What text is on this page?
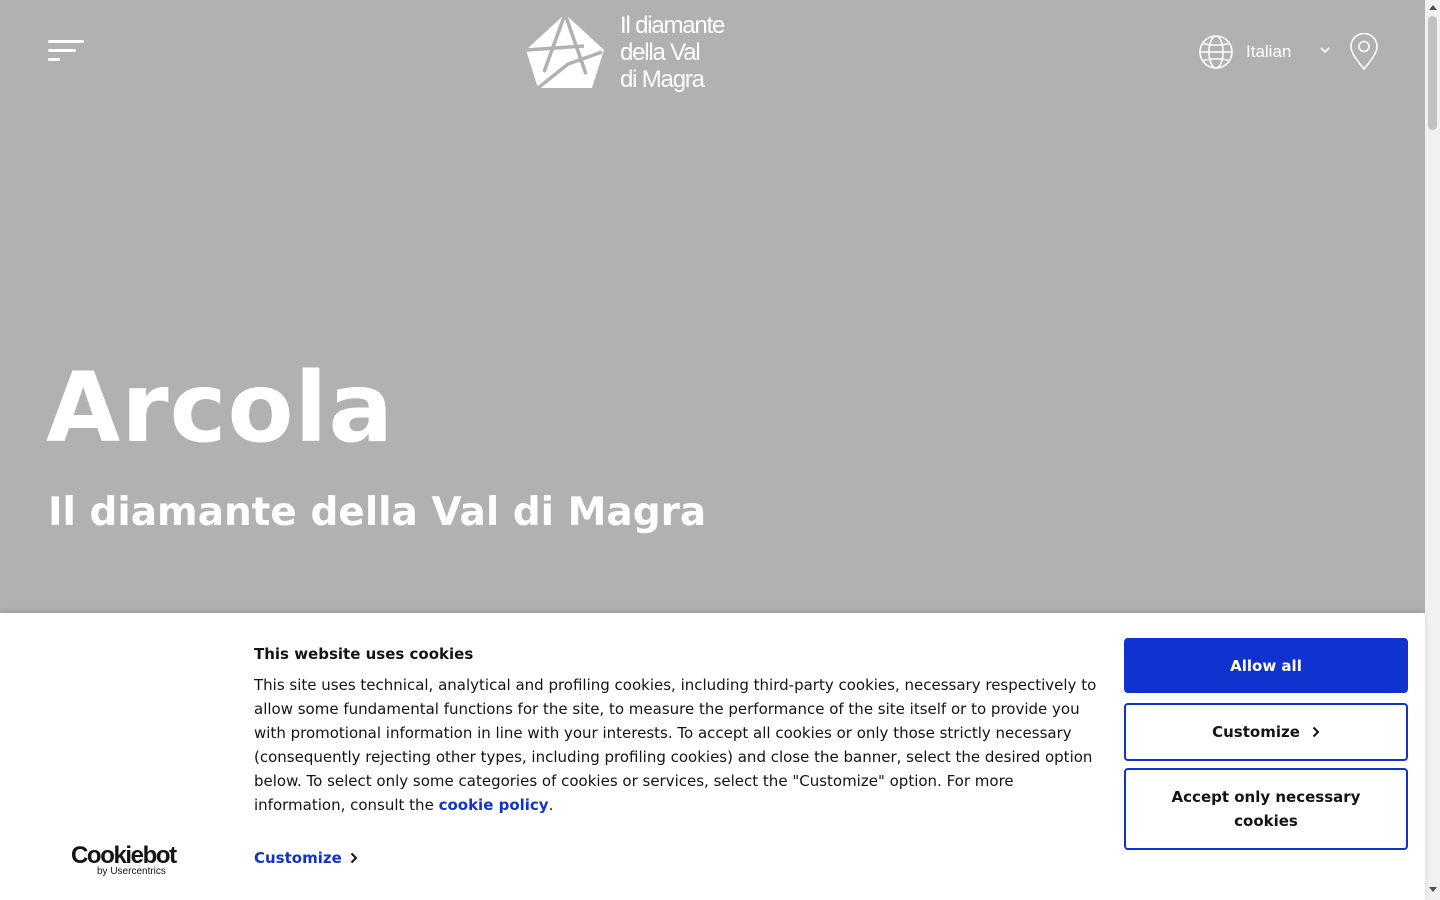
Il diamante
della Val
di Magra
Italian
Arcola
Il diamante della Val di Magra
Cookiebot
by Usercentrics
This website uses cookies

This site uses technical, analytical and profiling cookies, including third-party cookies, necessary respectively to allow some fundamental functions for the site, to measure the performance of the site itself or to provide you with promotional information in line with your interests. To accept all cookies or only those strictly necessary (consequently rejecting other types, including profiling cookies) and close the banner, select the desired option below. To select only some categories of cookies or services, select the "Customize" option. For more information, consult the cookie policy.

Customize
Allow all
Customize
Accept only necessary cookies
